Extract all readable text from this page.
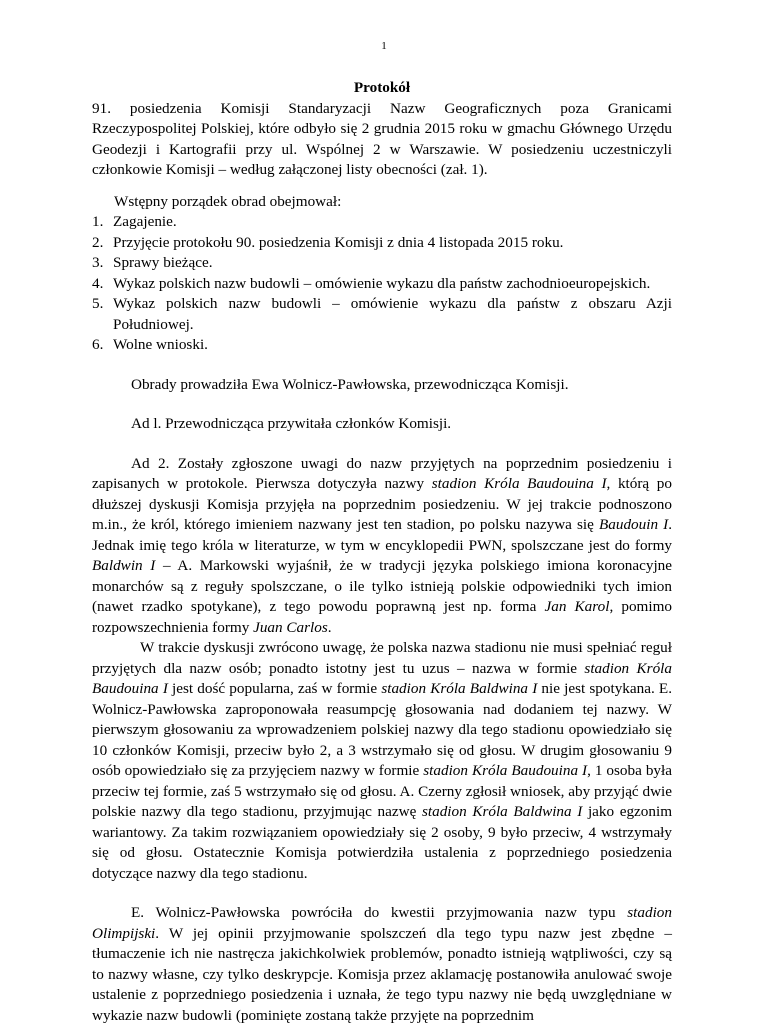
1

Protokół

91. posiedzenia Komisji Standaryzacji Nazw Geograficznych poza Granicami Rzeczypospolitej Polskiej, które odbyło się 2 grudnia 2015 roku w gmachu Głównego Urzędu Geodezji i Kartografii przy ul. Wspólnej 2 w Warszawie. W posiedzeniu uczestniczyli członkowie Komisji – według załączonej listy obecności (zał. 1).

Wstępny porządek obrad obejmował:

1. Zagajenie.
2. Przyjęcie protokołu 90. posiedzenia Komisji z dnia 4 listopada 2015 roku.
3. Sprawy bieżące.
4. Wykaz polskich nazw budowli – omówienie wykazu dla państw zachodnioeuropejskich.
5. Wykaz polskich nazw budowli – omówienie wykazu dla państw z obszaru Azji Południowej.
6. Wolne wnioski.

Obrady prowadziła Ewa Wolnicz-Pawłowska, przewodnicząca Komisji.

Ad l. Przewodnicząca przywitała członków Komisji.

Ad 2. Zostały zgłoszone uwagi do nazw przyjętych na poprzednim posiedzeniu i zapisanych w protokole. Pierwsza dotyczyła nazwy stadion Króla Baudouina I, którą po dłuższej dyskusji Komisja przyjęła na poprzednim posiedzeniu. W jej trakcie podnoszono m.in., że król, którego imieniem nazwany jest ten stadion, po polsku nazywa się Baudouin I. Jednak imię tego króla w literaturze, w tym w encyklopedii PWN, spolszczane jest do formy Baldwin I – A. Markowski wyjaśnił, że w tradycji języka polskiego imiona koronacyjne monarchów są z reguły spolszczane, o ile tylko istnieją polskie odpowiedniki tych imion (nawet rzadko spotykane), z tego powodu poprawną jest np. forma Jan Karol, pomimo rozpowszechnienia formy Juan Carlos.

W trakcie dyskusji zwrócono uwagę, że polska nazwa stadionu nie musi spełniać reguł przyjętych dla nazw osób; ponadto istotny jest tu uzus – nazwa w formie stadion Króla Baudouina I jest dość popularna, zaś w formie stadion Króla Baldwina I nie jest spotykana. E. Wolnicz-Pawłowska zaproponowała reasumpcję głosowania nad dodaniem tej nazwy. W pierwszym głosowaniu za wprowadzeniem polskiej nazwy dla tego stadionu opowiedziało się 10 członków Komisji, przeciw było 2, a 3 wstrzymało się od głosu. W drugim głosowaniu 9 osób opowiedziało się za przyjęciem nazwy w formie stadion Króla Baudouina I, 1 osoba była przeciw tej formie, zaś 5 wstrzymało się od głosu. A. Czerny zgłosił wniosek, aby przyjąć dwie polskie nazwy dla tego stadionu, przyjmując nazwę stadion Króla Baldwina I jako egzonim wariantowy. Za takim rozwiązaniem opowiedziały się 2 osoby, 9 było przeciw, 4 wstrzymały się od głosu. Ostatecznie Komisja potwierdziła ustalenia z poprzedniego posiedzenia dotyczące nazwy dla tego stadionu.

E. Wolnicz-Pawłowska powróciła do kwestii przyjmowania nazw typu stadion Olimpijski. W jej opinii przyjmowanie spolszczeń dla tego typu nazw jest zbędne – tłumaczenie ich nie nastręcza jakichkolwiek problemów, ponadto istnieją wątpliwości, czy są to nazwy własne, czy tylko deskrypcje. Komisja przez aklamację postanowiła anulować swoje ustalenie z poprzedniego posiedzenia i uznała, że tego typu nazwy nie będą uwzględniane w wykazie nazw budowli (pominięte zostaną także przyjęte na poprzednim
